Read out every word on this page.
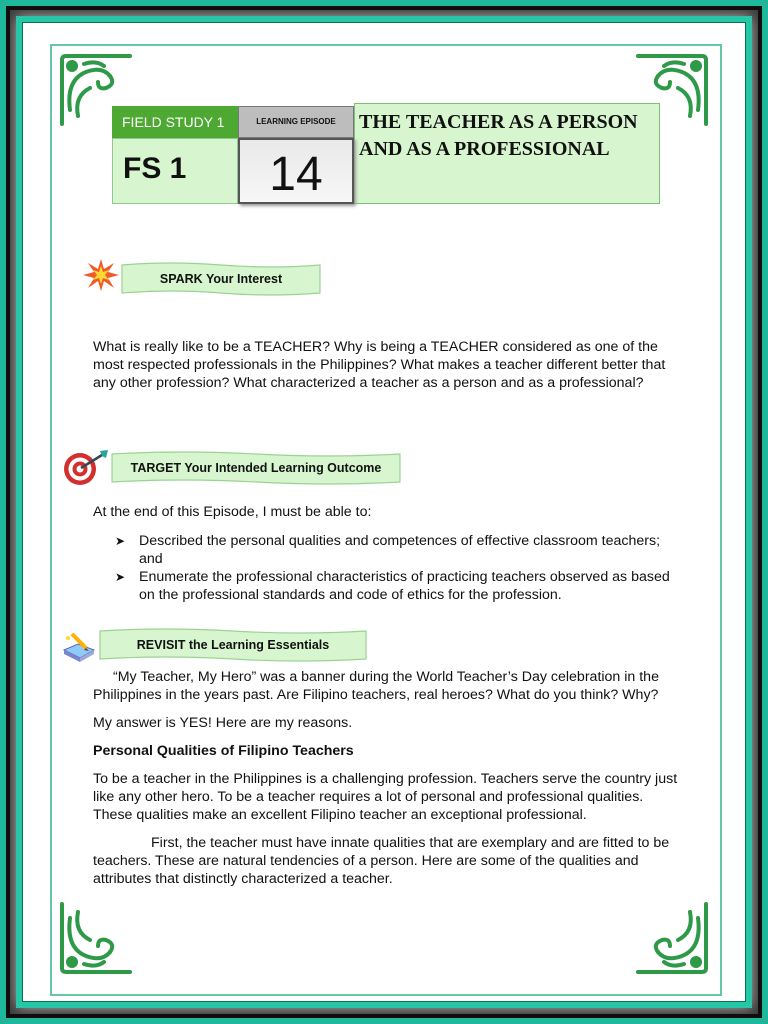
FIELD STUDY 1
FS 1
THE TEACHER AS A PERSON AND AS A PROFESSIONAL
LEARNING EPISODE
14
SPARK Your Interest

What is really like to be a TEACHER? Why is being a TEACHER considered as one of the most respected professionals in the Philippines? What makes a teacher different better that any other profession? What characterized a teacher as a person and as a professional?

TARGET Your Intended Learning Outcome

At the end of this Episode, I must be able to:

➤ Described the personal qualities and competences of effective classroom teachers; and
➤ Enumerate the professional characteristics of practicing teachers observed as based on the professional standards and code of ethics for the profession.
REVISIT the Learning Essentials

“My Teacher, My Hero” was a banner during the World Teacher’s Day celebration in the Philippines in the years past. Are Filipino teachers, real heroes? What do you think? Why?

My answer is YES! Here are my reasons.

Personal Qualities of Filipino Teachers

To be a teacher in the Philippines is a challenging profession. Teachers serve the country just like any other hero. To be a teacher requires a lot of personal and professional qualities. These qualities make an excellent Filipino teacher an exceptional professional.

First, the teacher must have innate qualities that are exemplary and are fitted to be teachers. These are natural tendencies of a person. Here are some of the qualities and attributes that distinctly characterized a teacher.
